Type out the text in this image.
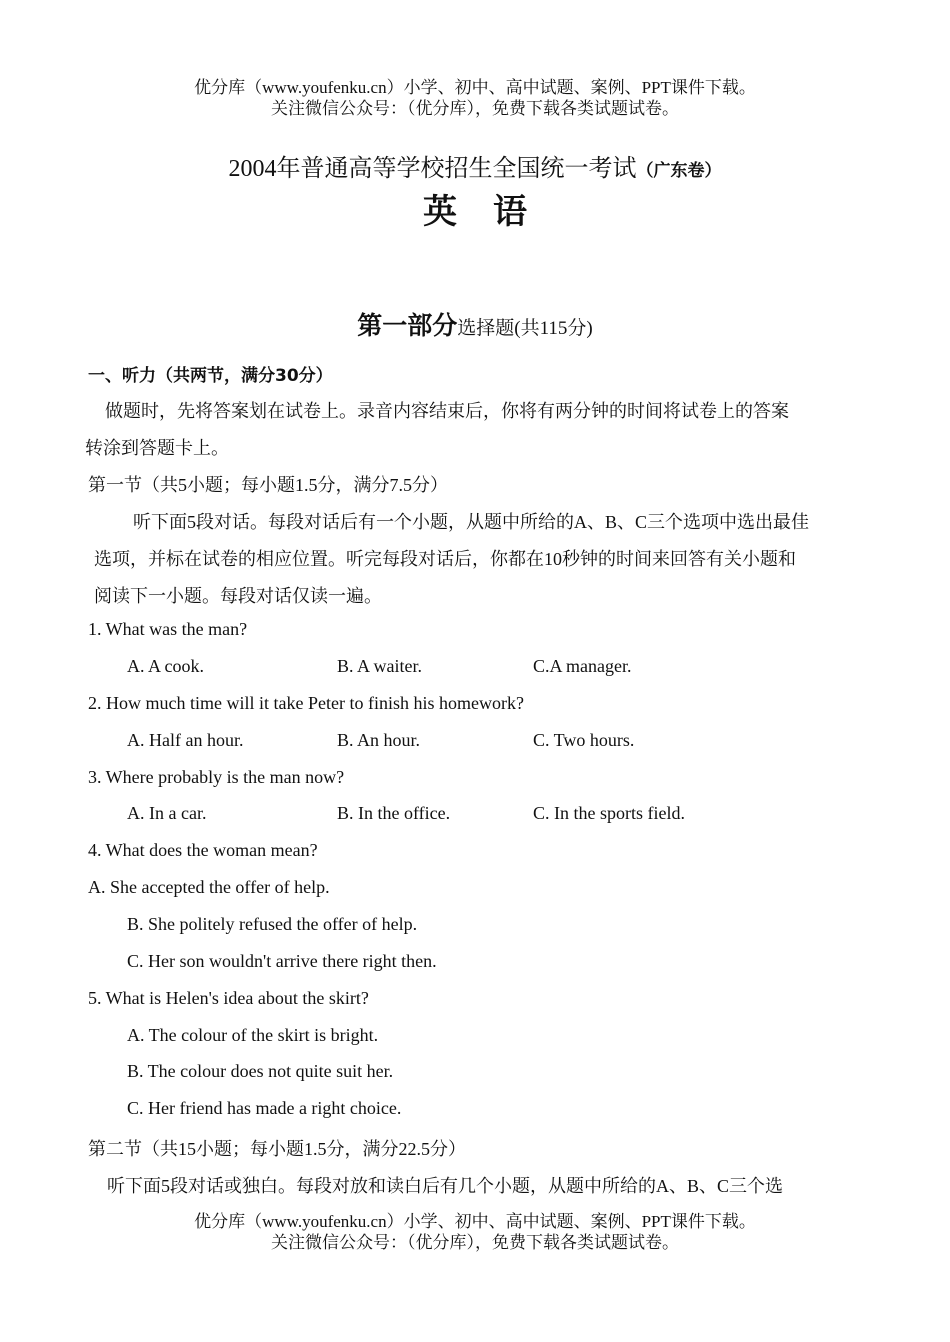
优分库（www.youfenku.cn）小学、初中、高中试题、案例、PPT课件下载。
关注微信公众号：（优分库），免费下载各类试题试卷。
2004年普通高等学校招生全国统一考试（广东卷）
英语
第一部分选择题(共115分)
一、听力（共两节，满分30分）
做题时，先将答案划在试卷上。录音内容结束后，你将有两分钟的时间将试卷上的答案
转涂到答题卡上。
第一节（共5小题；每小题1.5分，满分7.5分）
听下面5段对话。每段对话后有一个小题，从题中所给的A、B、C三个选项中选出最佳
选项，并标在试卷的相应位置。听完每段对话后，你都在10秒钟的时间来回答有关小题和
阅读下一小题。每段对话仅读一遍。
1. What was the man?
A. A cook.	B. A waiter.	C.A manager.
2. How much time will it take Peter to finish his homework?
A. Half an hour.	B. An hour.	C. Two hours.
3. Where probably is the man now?
A. In a car.	B. In the office.	C. In the sports field.
4. What does the woman mean?
A. She accepted the offer of help.
B. She politely refused the offer of help.
C. Her son wouldn't arrive there right then.
5. What is Helen's idea about the skirt?
A. The colour of the skirt is bright.
B. The colour does not quite suit her.
C. Her friend has made a right choice.
第二节（共15小题；每小题1.5分，满分22.5分）
听下面5段对话或独白。每段对放和读白后有几个小题，从题中所给的A、B、C三个选
优分库（www.youfenku.cn）小学、初中、高中试题、案例、PPT课件下载。
关注微信公众号：（优分库），免费下载各类试题试卷。
